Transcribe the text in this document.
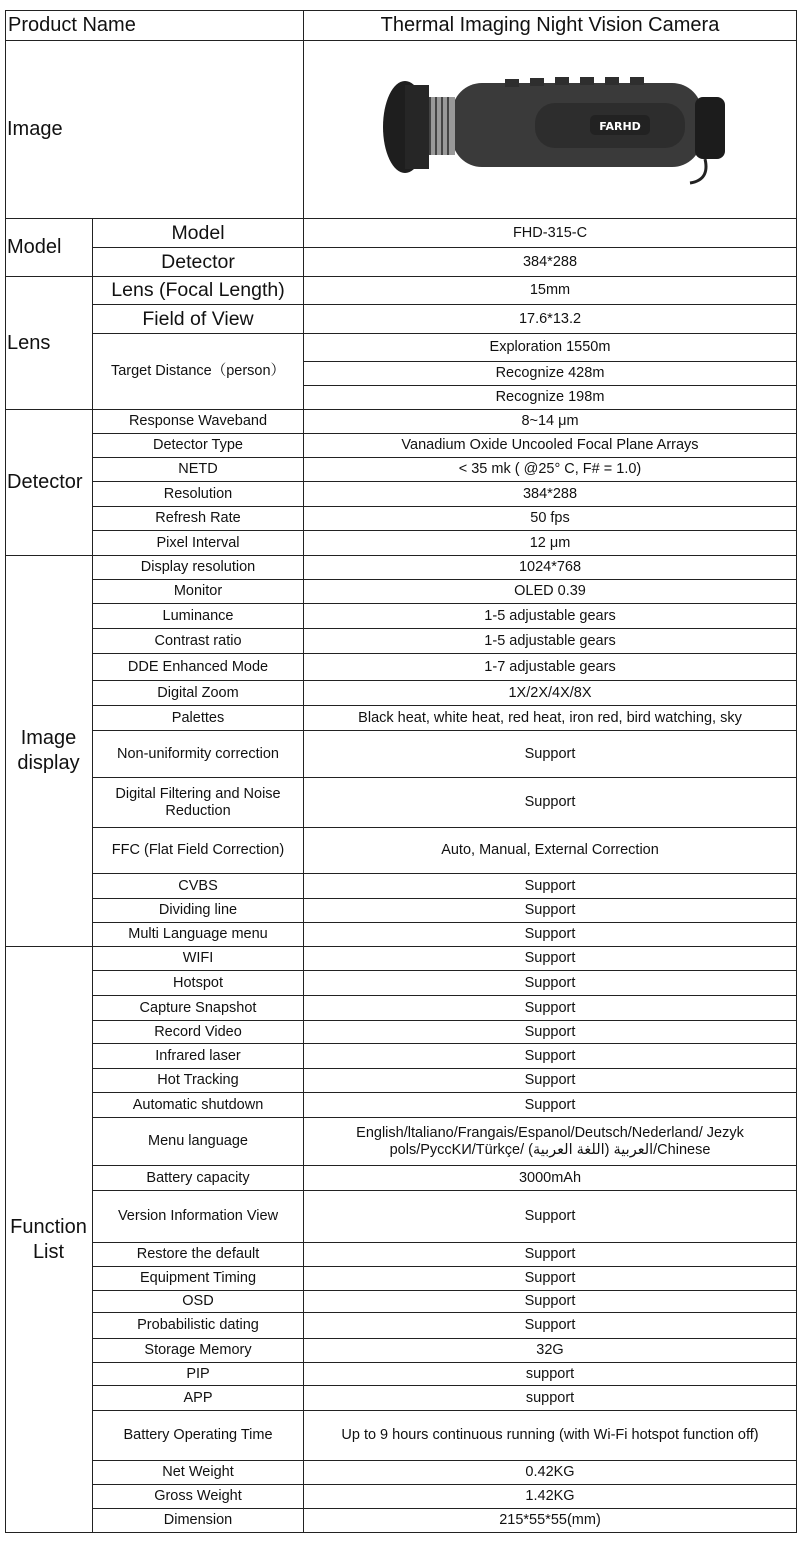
Product Name		Thermal Imaging Night Vision Camera
Image		FARHD

Model	Model	FHD-315-C
	Detector	384*288
Lens	Lens (Focal Length)	15mm
	Field of View	17.6*13.2
	Target Distance（person）	Exploration 1550m
		Recognize 428m
		Recognize 198m
Detector	Response Waveband	8~14 μm
	Detector Type	Vanadium Oxide Uncooled Focal Plane Arrays
	NETD	< 35 mk ( @25° C, F# = 1.0)
	Resolution	384*288
	Refresh Rate	50 fps
	Pixel Interval	12 μm
Image display	Display resolution	1024*768
	Monitor	OLED 0.39
	Luminance	1-5 adjustable gears
	Contrast ratio	1-5 adjustable gears
	DDE Enhanced Mode	1-7 adjustable gears
	Digital Zoom	1X/2X/4X/8X
	Palettes	Black heat, white heat, red heat, iron red, bird watching, sky
	Non-uniformity correction	Support
	Digital Filtering and Noise Reduction	Support
	FFC (Flat Field Correction)	Auto, Manual, External Correction
	CVBS	Support
	Dividing line	Support
	Multi Language menu	Support
Function List	WIFI	Support
	Hotspot	Support
	Capture Snapshot	Support
	Record Video	Support
	Infrared laser	Support
	Hot Tracking	Support
	Automatic shutdown	Support
	Menu language	English/ltaliano/Frangais/Espanol/Deutsch/Nederland/ Jezyk pols/PyccKИ/Türkçe/ (اللغة العربية) العربية/Chinese
	Battery capacity	3000mAh
	Version Information View	Support
	Restore the default	Support
	Equipment Timing	Support
	OSD	Support
	Probabilistic dating	Support
	Storage Memory	32G
	PIP	support
	APP	support
	Battery Operating Time	Up to 9 hours continuous running (with Wi-Fi hotspot function off)
	Net Weight	0.42KG
	Gross Weight	1.42KG
	Dimension	215*55*55(mm)
